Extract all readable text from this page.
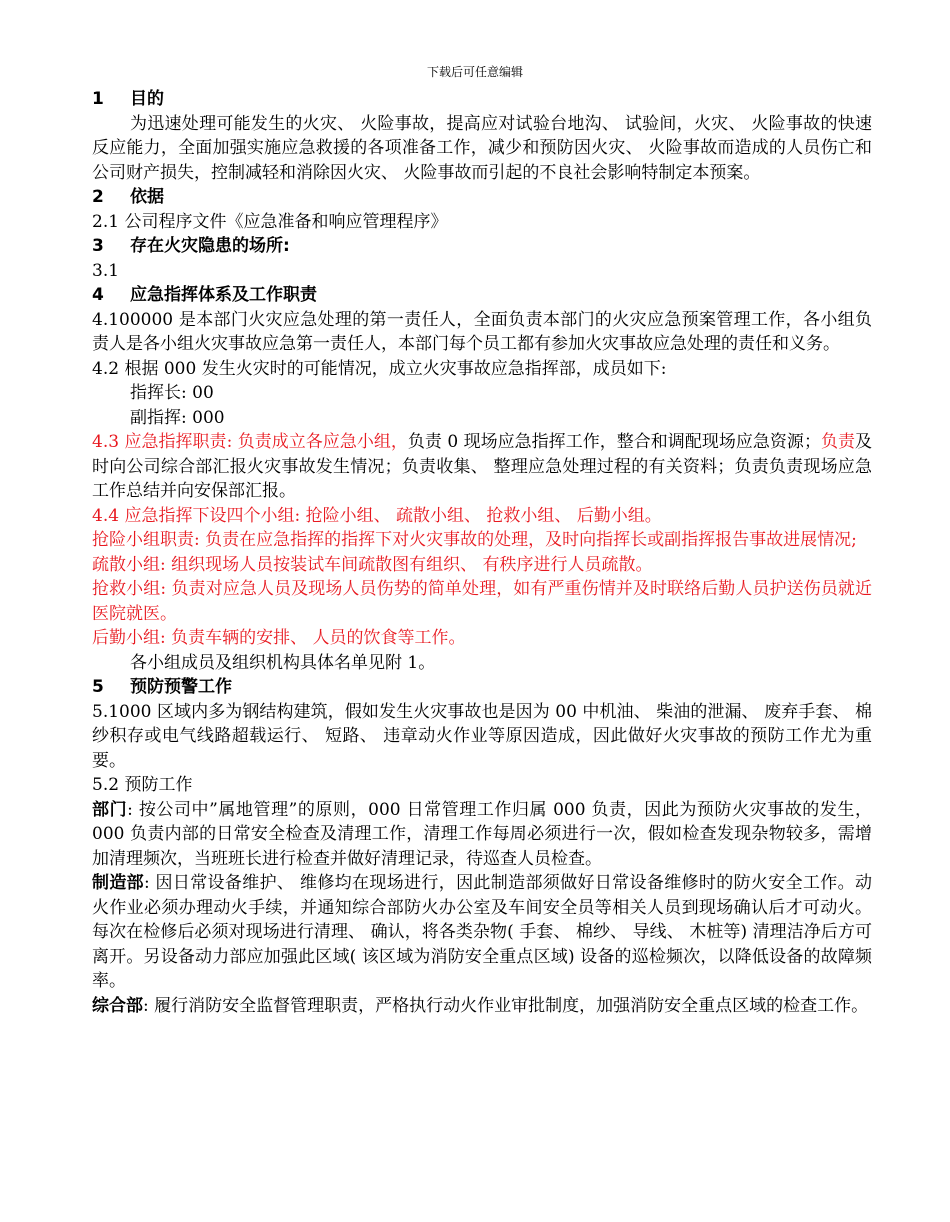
下载后可任意编辑

1 目的

为迅速处理可能发生的火灾、 火险事故，提高应对试验台地沟、 试验间，火灾、 火险事故的快速反应能力，全面加强实施应急救援的各项准备工作，减少和预防因火灾、 火险事故而造成的人员伤亡和公司财产损失，控制减轻和消除因火灾、 火险事故而引起的不良社会影响特制定本预案。

2 依据

2.1 公司程序文件《应急准备和响应管理程序》

3 存在火灾隐患的场所:

3.1

4 应急指挥体系及工作职责

4.100000 是本部门火灾应急处理的第一责任人，全面负责本部门的火灾应急预案管理工作，各小组负责人是各小组火灾事故应急第一责任人，本部门每个员工都有参加火灾事故应急处理的责任和义务。

4.2 根据 000 发生火灾时的可能情况，成立火灾事故应急指挥部，成员如下:

指挥长: 00

副指挥: 000

4.3 应急指挥职责: 负责成立各应急小组，负责 0 现场应急指挥工作，整合和调配现场应急资源；负责及时向公司综合部汇报火灾事故发生情况；负责收集、 整理应急处理过程的有关资料；负责负责现场应急工作总结并向安保部汇报。

4.4 应急指挥下设四个小组: 抢险小组、 疏散小组、 抢救小组、 后勤小组。

抢险小组职责: 负责在应急指挥的指挥下对火灾事故的处理，及时向指挥长或副指挥报告事故进展情况;

疏散小组: 组织现场人员按装试车间疏散图有组织、 有秩序进行人员疏散。

抢救小组: 负责对应急人员及现场人员伤势的简单处理，如有严重伤情并及时联络后勤人员护送伤员就近医院就医。

后勤小组: 负责车辆的安排、 人员的饮食等工作。

各小组成员及组织机构具体名单见附 1。

5 预防预警工作

5.1000 区域内多为钢结构建筑，假如发生火灾事故也是因为 00 中机油、 柴油的泄漏、 废弃手套、 棉纱积存或电气线路超载运行、 短路、 违章动火作业等原因造成，因此做好火灾事故的预防工作尤为重要。

5.2 预防工作

部门: 按公司中”属地管理”的原则，000 日常管理工作归属 000 负责，因此为预防火灾事故的发生，000 负责内部的日常安全检查及清理工作，清理工作每周必须进行一次，假如检查发现杂物较多，需增加清理频次，当班班长进行检查并做好清理记录，待巡查人员检查。

制造部: 因日常设备维护、 维修均在现场进行，因此制造部须做好日常设备维修时的防火安全工作。动火作业必须办理动火手续，并通知综合部防火办公室及车间安全员等相关人员到现场确认后才可动火。每次在检修后必须对现场进行清理、 确认，将各类杂物( 手套、 棉纱、 导线、 木桩等) 清理洁净后方可离开。另设备动力部应加强此区域( 该区域为消防安全重点区域) 设备的巡检频次，以降低设备的故障频率。

综合部: 履行消防安全监督管理职责，严格执行动火作业审批制度，加强消防安全重点区域的检查工作。
